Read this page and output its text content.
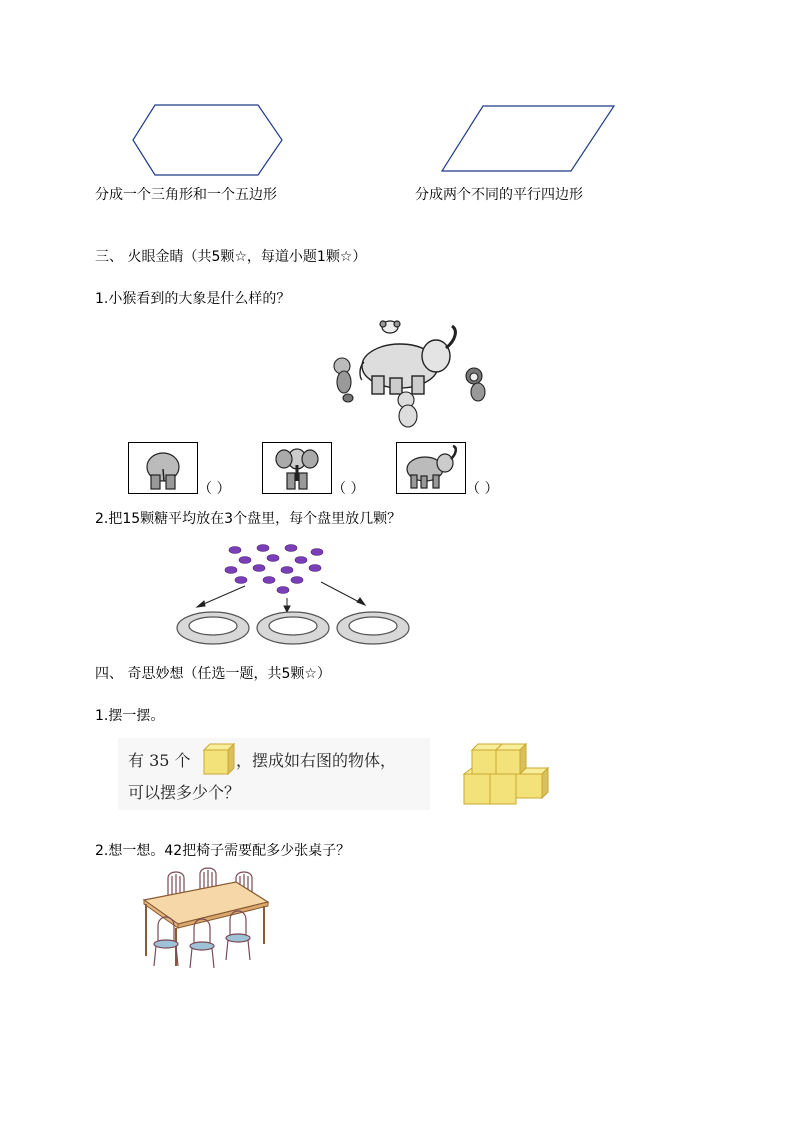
分成一个三角形和一个五边形	分成两个不同的平行四边形
三、 火眼金睛（共5颗☆，每道小题1颗☆）
1.小猴看到的大象是什么样的？
（ ）	（ ）	（ ）
2.把15颗糖平均放在3个盘里，每个盘里放几颗？
四、 奇思妙想（任选一题，共5颗☆）
1.摆一摆。
有 35 个	，摆成如右图的物体，
可以摆多少个？
2.想一想。42把椅子需要配多少张桌子？
